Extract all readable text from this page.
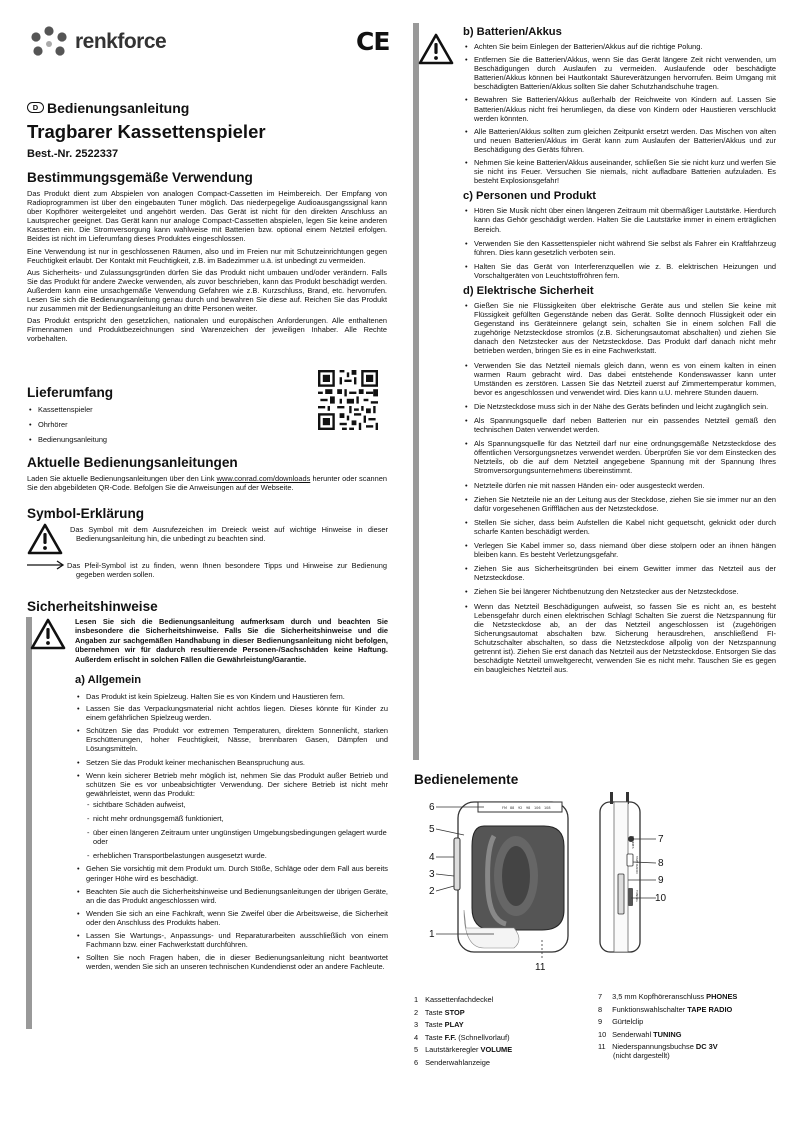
renkforce	CE
D Bedienungsanleitung
Tragbarer Kassettenspieler
Best.-Nr. 2522337
Bestimmungsgemäße Verwendung

Das Produkt dient zum Abspielen von analogen Compact-Cassetten im Heimbereich. Der Empfang von Radioprogrammen ist über den eingebauten Tuner möglich. Das niederpegelige Audioausgangssignal kann über Kopfhörer weitergeleitet und angehört werden. Das Gerät ist nicht für den direkten Anschluss an Lautsprecher geeignet. Das Gerät kann nur analoge Compact-Cassetten abspielen, legen Sie keine anderen Kassetten ein. Die Stromversorgung kann wahlweise mit Batterien bzw. optional einem Netzteil erfolgen. Beides ist nicht im Lieferumfang dieses Produktes eingeschlossen.

Eine Verwendung ist nur in geschlossenen Räumen, also und im Freien nur mit Schutzeinrichtungen gegen Feuchtigkeit erlaubt. Der Kontakt mit Feuchtigkeit, z.B. im Badezimmer u.ä. ist unbedingt zu vermeiden.

Aus Sicherheits- und Zulassungsgründen dürfen Sie das Produkt nicht umbauen und/oder verändern. Falls Sie das Produkt für andere Zwecke verwenden, als zuvor beschrieben, kann das Produkt beschädigt werden. Außerdem kann eine unsachgemäße Verwendung Gefahren wie z.B. Kurzschluss, Brand, etc. hervorrufen. Lesen Sie sich die Bedienungsanleitung genau durch und bewahren Sie diese auf. Reichen Sie das Produkt nur zusammen mit der Bedienungsanleitung an dritte Personen weiter.

Das Produkt entspricht den gesetzlichen, nationalen und europäischen Anforderungen. Alle enthaltenen Firmennamen und Produktbezeichnungen sind Warenzeichen der jeweiligen Inhaber. Alle Rechte vorbehalten.

Lieferumfang
• Kassettenspieler
• Ohrhörer
• Bedienungsanleitung
Aktuelle Bedienungsanleitungen

Laden Sie aktuelle Bedienungsanleitungen über den Link www.conrad.com/downloads herunter oder scannen Sie den abgebildeten QR-Code. Befolgen Sie die Anweisungen auf der Webseite.

Symbol-Erklärung
Das Symbol mit dem Ausrufezeichen im Dreieck weist auf wichtige Hinweise in dieser Bedienungsanleitung hin, die unbedingt zu beachten sind.
Das Pfeil-Symbol ist zu finden, wenn Ihnen besondere Tipps und Hinweise zur Bedienung gegeben werden sollen.
Sicherheitshinweise
Lesen Sie sich die Bedienungsanleitung aufmerksam durch und beachten Sie insbesondere die Sicherheitshinweise. Falls Sie die Sicherheitshinweise und die Angaben zur sachgemäßen Handhabung in dieser Bedienungsanleitung nicht befolgen, übernehmen wir für dadurch resultierende Personen-/Sachschäden keine Haftung. Außerdem erlischt in solchen Fällen die Gewährleistung/Garantie.
a) Allgemein
• Das Produkt ist kein Spielzeug. Halten Sie es von Kindern und Haustieren fern.
• Lassen Sie das Verpackungsmaterial nicht achtlos liegen. Dieses könnte für Kinder zu einem gefährlichen Spielzeug werden.
• Schützen Sie das Produkt vor extremen Temperaturen, direktem Sonnenlicht, starken Erschütterungen, hoher Feuchtigkeit, Nässe, brennbaren Gasen, Dämpfen und Lösungsmitteln.
• Setzen Sie das Produkt keiner mechanischen Beanspruchung aus.
• Wenn kein sicherer Betrieb mehr möglich ist, nehmen Sie das Produkt außer Betrieb und schützen Sie es vor unbeabsichtigter Verwendung. Der sichere Betrieb ist nicht mehr gewährleistet, wenn das Produkt:
- sichtbare Schäden aufweist,
- nicht mehr ordnungsgemäß funktioniert,
- über einen längeren Zeitraum unter ungünstigen Umgebungsbedingungen gelagert wurde oder
- erheblichen Transportbelastungen ausgesetzt wurde.
• Gehen Sie vorsichtig mit dem Produkt um. Durch Stöße, Schläge oder dem Fall aus bereits geringer Höhe wird es beschädigt.
• Beachten Sie auch die Sicherheitshinweise und Bedienungsanleitungen der übrigen Geräte, an die das Produkt angeschlossen wird.
• Wenden Sie sich an eine Fachkraft, wenn Sie Zweifel über die Arbeitsweise, die Sicherheit oder den Anschluss des Produkts haben.
• Lassen Sie Wartungs-, Anpassungs- und Reparaturarbeiten ausschließlich von einem Fachmann bzw. einer Fachwerkstatt durchführen.
• Sollten Sie noch Fragen haben, die in dieser Bedienungsanleitung nicht beantwortet werden, wenden Sie sich an unseren technischen Kundendienst oder an andere Fachleute.
b) Batterien/Akkus
• Achten Sie beim Einlegen der Batterien/Akkus auf die richtige Polung.
• Entfernen Sie die Batterien/Akkus, wenn Sie das Gerät längere Zeit nicht verwenden, um Beschädigungen durch Auslaufen zu vermeiden. Auslaufende oder beschädigte Batterien/Akkus können bei Hautkontakt Säureverätzungen hervorrufen. Beim Umgang mit beschädigten Batterien/Akkus sollten Sie daher Schutzhandschuhe tragen.
• Bewahren Sie Batterien/Akkus außerhalb der Reichweite von Kindern auf. Lassen Sie Batterien/Akkus nicht frei herumliegen, da diese von Kindern oder Haustieren verschluckt werden könnten.
• Alle Batterien/Akkus sollten zum gleichen Zeitpunkt ersetzt werden. Das Mischen von alten und neuen Batterien/Akkus im Gerät kann zum Auslaufen der Batterien/Akkus und zur Beschädigung des Geräts führen.
• Nehmen Sie keine Batterien/Akkus auseinander, schließen Sie sie nicht kurz und werfen Sie sie nicht ins Feuer. Versuchen Sie niemals, nicht aufladbare Batterien aufzuladen. Es besteht Explosionsgefahr!
c) Personen und Produkt
• Hören Sie Musik nicht über einen längeren Zeitraum mit übermäßiger Lautstärke. Hierdurch kann das Gehör geschädigt werden. Halten Sie die Lautstärke immer in einem erträglichen Bereich.
• Verwenden Sie den Kassettenspieler nicht während Sie selbst als Fahrer ein Kraftfahrzeug führen. Dies kann gesetzlich verboten sein.
• Halten Sie das Gerät von Interferenzquellen wie z. B. elektrischen Heizungen und Vorschaltgeräten von Leuchtstoffröhren fern.
d) Elektrische Sicherheit
• Gießen Sie nie Flüssigkeiten über elektrische Geräte aus und stellen Sie keine mit Flüssigkeit gefüllten Gegenstände neben das Gerät. Sollte dennoch Flüssigkeit oder ein Gegenstand ins Geräteinnere gelangt sein, schalten Sie in einem solchen Fall die zugehörige Netzsteckdose stromlos (z.B. Sicherungsautomat abschalten) und ziehen Sie danach den Netzstecker aus der Netzsteckdose. Das Produkt darf danach nicht mehr betrieben werden, bringen Sie es in eine Fachwerkstatt.
• Verwenden Sie das Netzteil niemals gleich dann, wenn es von einem kalten in einen warmen Raum gebracht wird. Das dabei entstehende Kondenswasser kann unter Umständen es zerstören. Lassen Sie das Netzteil zuerst auf Zimmertemperatur kommen, bevor es angeschlossen und verwendet wird. Dies kann u.U. mehrere Stunden dauern.
• Die Netzsteckdose muss sich in der Nähe des Geräts befinden und leicht zugänglich sein.
• Als Spannungsquelle darf neben Batterien nur ein passendes Netzteil gemäß den technischen Daten verwendet werden.
• Als Spannungsquelle für das Netzteil darf nur eine ordnungsgemäße Netzsteckdose des öffentlichen Versorgungsnetzes verwendet werden. Überprüfen Sie vor dem Einstecken des Netzteils, ob die auf dem Netzteil angegebene Spannung mit der Spannung Ihres Stromversorgungsunternehmens übereinstimmt.
• Netzteile dürfen nie mit nassen Händen ein- oder ausgesteckt werden.
• Ziehen Sie Netzteile nie an der Leitung aus der Steckdose, ziehen Sie sie immer nur an den dafür vorgesehenen Griffflächen aus der Netzsteckdose.
• Stellen Sie sicher, dass beim Aufstellen die Kabel nicht gequetscht, geknickt oder durch scharfe Kanten beschädigt werden.
• Verlegen Sie Kabel immer so, dass niemand über diese stolpern oder an ihnen hängen bleiben kann. Es besteht Verletzungsgefahr.
• Ziehen Sie aus Sicherheitsgründen bei einem Gewitter immer das Netzteil aus der Netzsteckdose.
• Ziehen Sie bei längerer Nichtbenutzung den Netzstecker aus der Netzsteckdose.
• Wenn das Netzteil Beschädigungen aufweist, so fassen Sie es nicht an, es besteht Lebensgefahr durch einen elektrischen Schlag! Schalten Sie zuerst die Netzspannung für die Netzsteckdose ab, an der das Netzteil angeschlossen ist (zugehörigen Sicherungsautomat abschalten bzw. Sicherung herausdrehen, anschließend FI-Schutzschalter abschalten, so dass die Netzsteckdose allpolig von der Netzspannung getrennt ist). Ziehen Sie erst danach das Netzteil aus der Netzsteckdose. Entsorgen Sie das beschädigte Netzteil umweltgerecht, verwenden Sie es nicht mehr. Tauschen Sie es gegen ein baugleiches Netzteil aus.
Bedienelemente
FM 88 92 98 106 108
PHONES
TAPE RADIO
TUNING
6
5
4
3
2
1
7
8
9
10
11
1 Kassettenfachdeckel
2 Taste STOP
3 Taste PLAY
4 Taste F.F. (Schnellvorlauf)
5 Lautstärkeregler VOLUME
6 Senderwahlanzeige
7 3,5 mm Kopfhöreranschluss PHONES
8 Funktionswahlschalter TAPE RADIO
9 Gürtelclip
10 Senderwahl TUNING
11 Niederspannungsbuchse DC 3V
(nicht dargestellt)
